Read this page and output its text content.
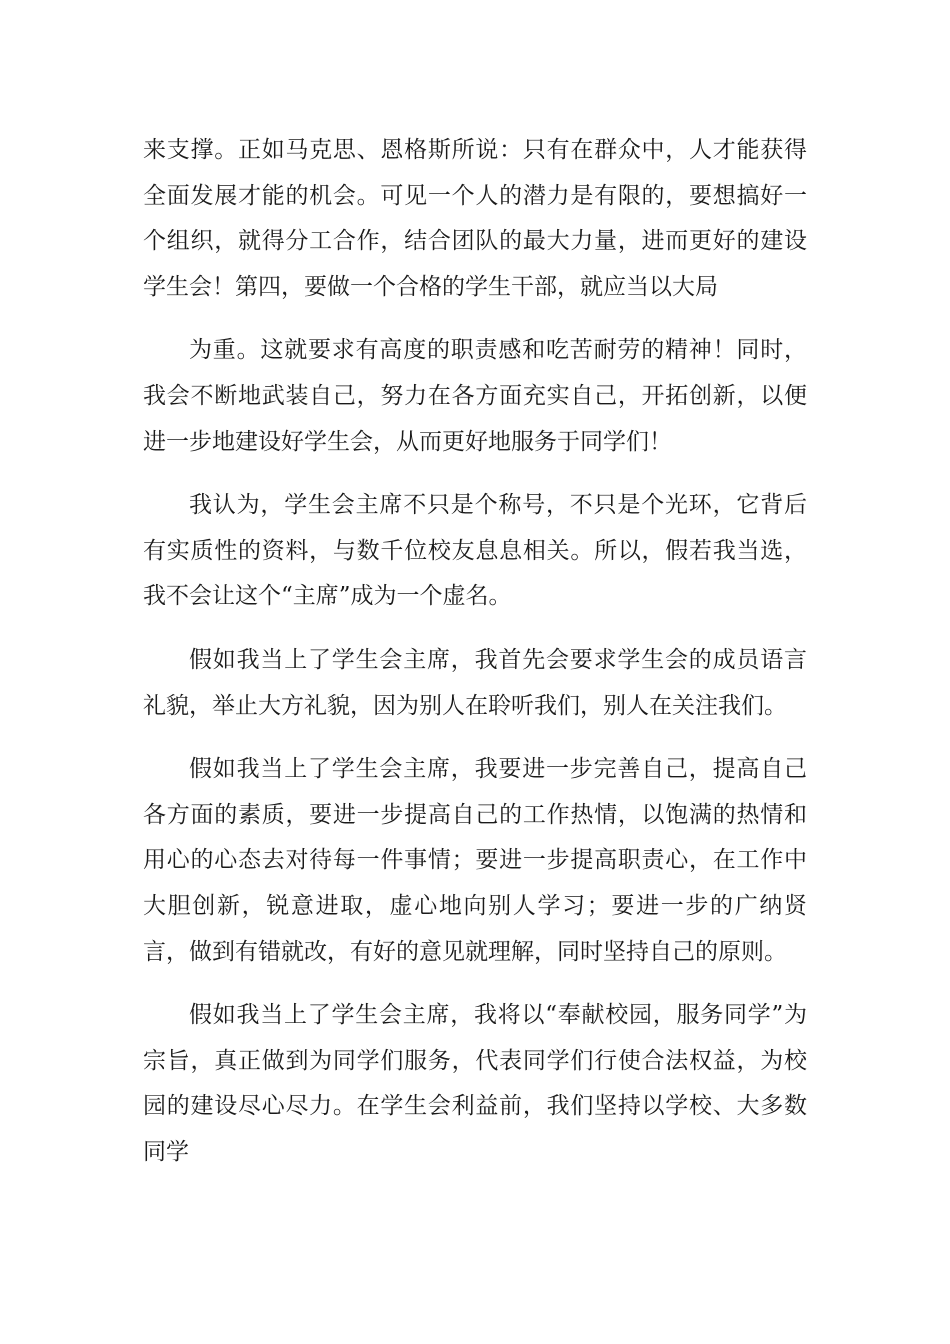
来支撑。正如马克思、恩格斯所说：只有在群众中，人才能获得全面发展才能的机会。可见一个人的潜力是有限的，要想搞好一个组织，就得分工合作，结合团队的最大力量，进而更好的建设学生会！第四，要做一个合格的学生干部，就应当以大局

为重。这就要求有高度的职责感和吃苦耐劳的精神！同时，我会不断地武装自己，努力在各方面充实自己，开拓创新，以便进一步地建设好学生会，从而更好地服务于同学们！

我认为，学生会主席不只是个称号，不只是个光环，它背后有实质性的资料，与数千位校友息息相关。所以，假若我当选，我不会让这个“主席”成为一个虚名。

假如我当上了学生会主席，我首先会要求学生会的成员语言礼貌，举止大方礼貌，因为别人在聆听我们，别人在关注我们。

假如我当上了学生会主席，我要进一步完善自己，提高自己各方面的素质，要进一步提高自己的工作热情，以饱满的热情和用心的心态去对待每一件事情；要进一步提高职责心，在工作中大胆创新，锐意进取，虚心地向别人学习；要进一步的广纳贤言，做到有错就改，有好的意见就理解，同时坚持自己的原则。

假如我当上了学生会主席，我将以“奉献校园，服务同学”为宗旨，真正做到为同学们服务，代表同学们行使合法权益，为校园的建设尽心尽力。在学生会利益前，我们坚持以学校、大多数同学
